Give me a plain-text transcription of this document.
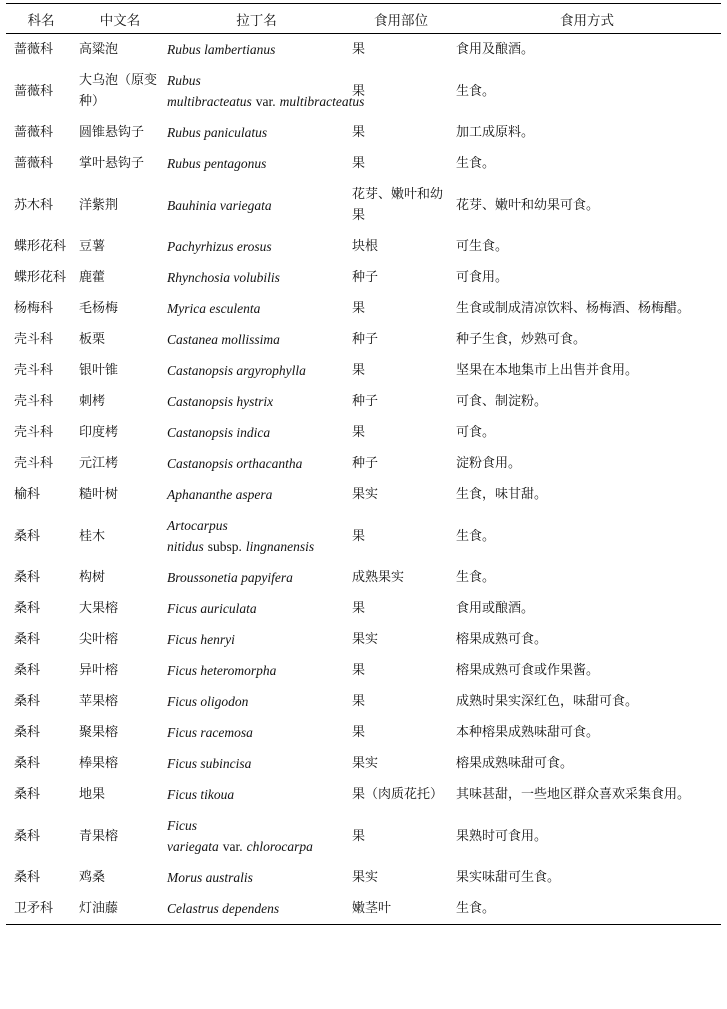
科名	中文名	拉丁名	食用部位	食用方式
蔷薇科	高粱泡	Rubus lambertianus	果	食用及酿酒。
蔷薇科	大乌泡（原变种）	Rubus multibracteatus var. multibracteatus	果	生食。
蔷薇科	圆锥悬钩子	Rubus paniculatus	果	加工成原料。
蔷薇科	掌叶悬钩子	Rubus pentagonus	果	生食。
苏木科	洋紫荆	Bauhinia variegata	花芽、嫩叶和幼果	花芽、嫩叶和幼果可食。
蝶形花科	豆薯	Pachyrhizus erosus	块根	可生食。
蝶形花科	鹿藿	Rhynchosia volubilis	种子	可食用。
杨梅科	毛杨梅	Myrica esculenta	果	生食或制成清凉饮料、杨梅酒、杨梅醋。
壳斗科	板栗	Castanea mollissima	种子	种子生食，炒熟可食。
壳斗科	银叶锥	Castanopsis argyrophylla	果	坚果在本地集市上出售并食用。
壳斗科	刺栲	Castanopsis hystrix	种子	可食、制淀粉。
壳斗科	印度栲	Castanopsis indica	果	可食。
壳斗科	元江栲	Castanopsis orthacantha	种子	淀粉食用。
榆科	糙叶树	Aphananthe aspera	果实	生食，味甘甜。
桑科	桂木	Artocarpus nitidus subsp. lingnanensis	果	生食。
桑科	构树	Broussonetia papyifera	成熟果实	生食。
桑科	大果榕	Ficus auriculata	果	食用或酿酒。
桑科	尖叶榕	Ficus henryi	果实	榕果成熟可食。
桑科	异叶榕	Ficus heteromorpha	果	榕果成熟可食或作果酱。
桑科	苹果榕	Ficus oligodon	果	成熟时果实深红色，味甜可食。
桑科	聚果榕	Ficus racemosa	果	本种榕果成熟味甜可食。
桑科	棒果榕	Ficus subincisa	果实	榕果成熟味甜可食。
桑科	地果	Ficus tikoua	果（肉质花托）	其味甚甜，一些地区群众喜欢采集食用。
桑科	青果榕	Ficus variegata var. chlorocarpa	果	果熟时可食用。
桑科	鸡桑	Morus australis	果实	果实味甜可生食。
卫矛科	灯油藤	Celastrus dependens	嫩茎叶	生食。
